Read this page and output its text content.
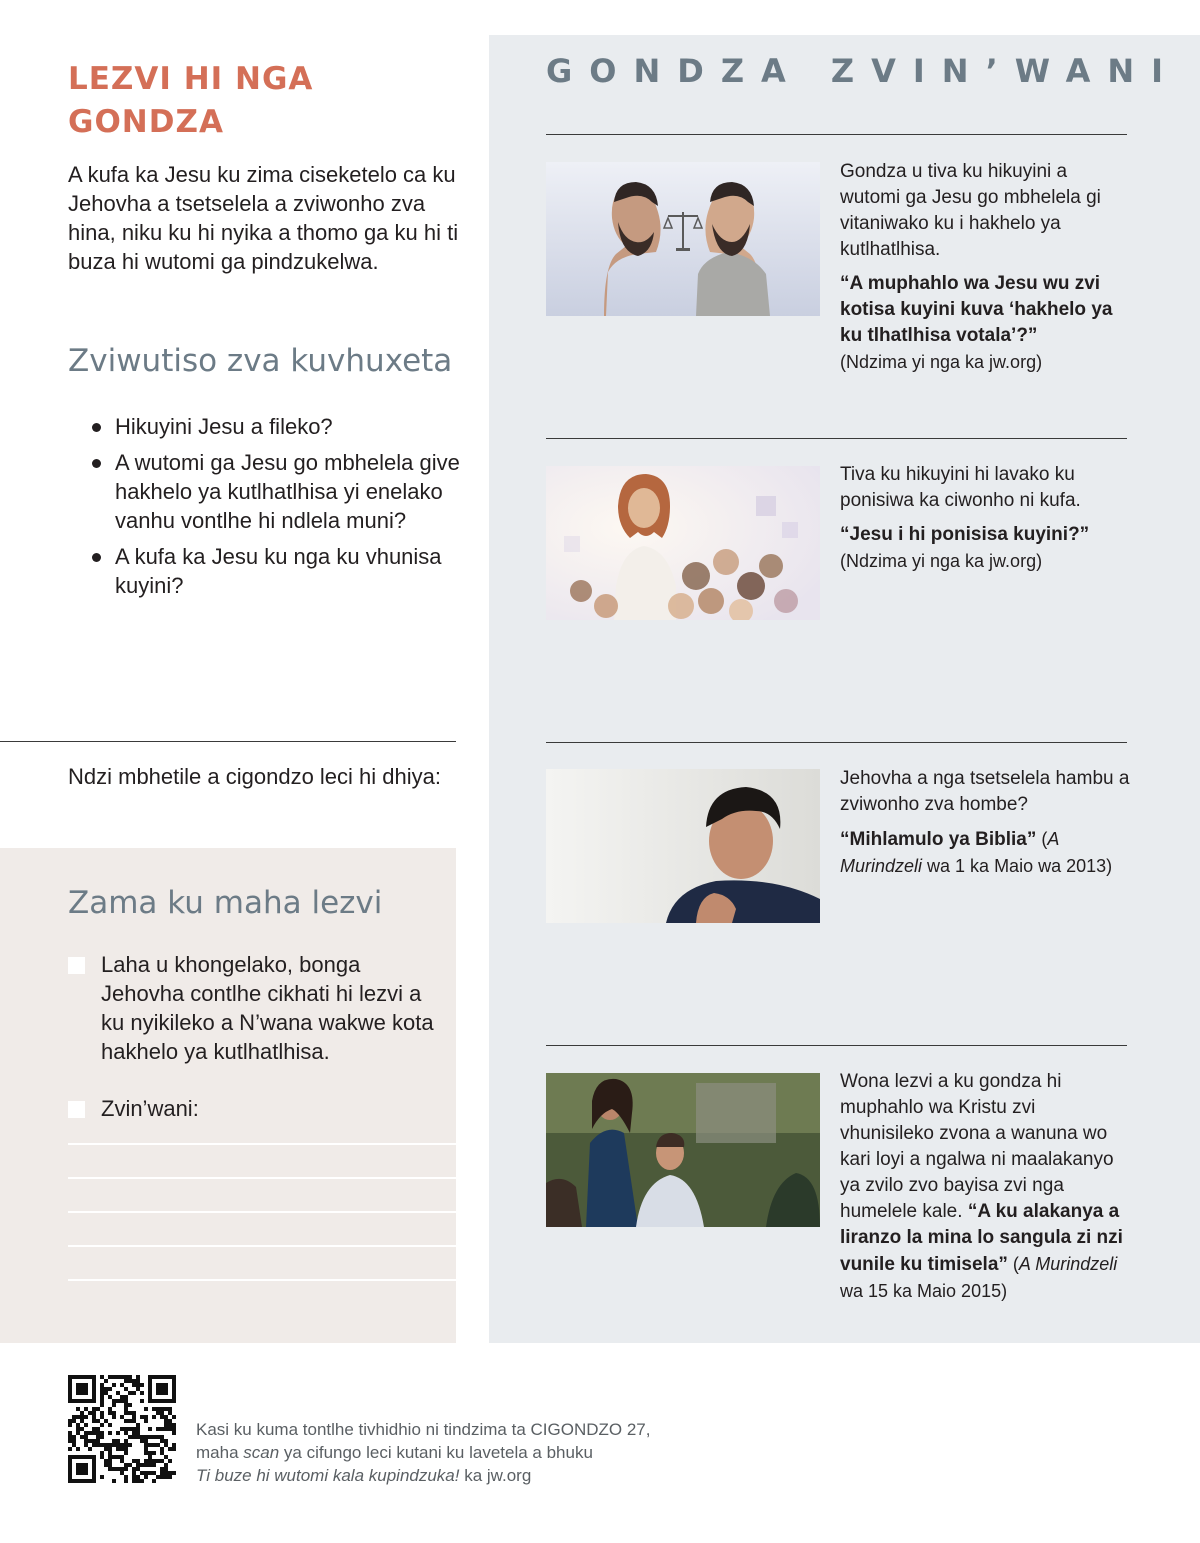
LEZVI HI NGA GONDZA

A kufa ka Jesu ku zima ciseketelo ca ku Jehovha a tsetselela a zviwonho zva hina, niku ku hi nyika a thomo ga ku hi ti buza hi wutomi ga pindzukelwa.

Zviwutiso zva kuvhuxeta
Hikuyini Jesu a fileko?
A wutomi ga Jesu go mbhelela give hakhelo ya kutlhatlhisa yi enelako vanhu vontlhe hi ndlela muni?
A kufa ka Jesu ku nga ku vhunisa kuyini?

Ndzi mbhetile a cigondzo leci hi dhiya:

Zama ku maha lezvi
Laha u khongelako, bonga Jehovha contlhe cikhati hi lezvi a ku nyikileko a N’wana wakwe kota hakhelo ya kutlhatlhisa.
Zvin’wani:
GONDZA ZVIN’WANI

Gondza u tiva ku hikuyini a wutomi ga Jesu go mbhelela gi vitaniwako ku i hakhelo ya kutlhatlhisa.

“A muphahlo wa Jesu wu zvi kotisa kuyini kuva ‘hakhelo ya ku tlhatlhisa votala’?”
(Ndzima yi nga ka jw.org)

Tiva ku hikuyini hi lavako ku ponisiwa ka ciwonho ni kufa.

“Jesu i hi ponisisa kuyini?”
(Ndzima yi nga ka jw.org)

Jehovha a nga tsetselela hambu a zviwonho zva hombe?

“Mihlamulo ya Biblia” (A Murindzeli wa 1 ka Maio wa 2013)

Wona lezvi a ku gondza hi muphahlo wa Kristu zvi vhunisileko zvona a wanuna wo kari loyi a ngalwa ni maalakanyo ya zvilo zvo bayisa zvi nga humelele kale. “A ku alakanya a liranzo la mina lo sangula zi nzi vunile ku timisela” (A Murindzeli wa 15 ka Maio 2015)

Kasi ku kuma tontlhe tivhidhio ni tindzima ta CIGONDZO 27,
maha scan ya cifungo leci kutani ku lavetela a bhuku
Ti buze hi wutomi kala kupindzuka! ka jw.org
